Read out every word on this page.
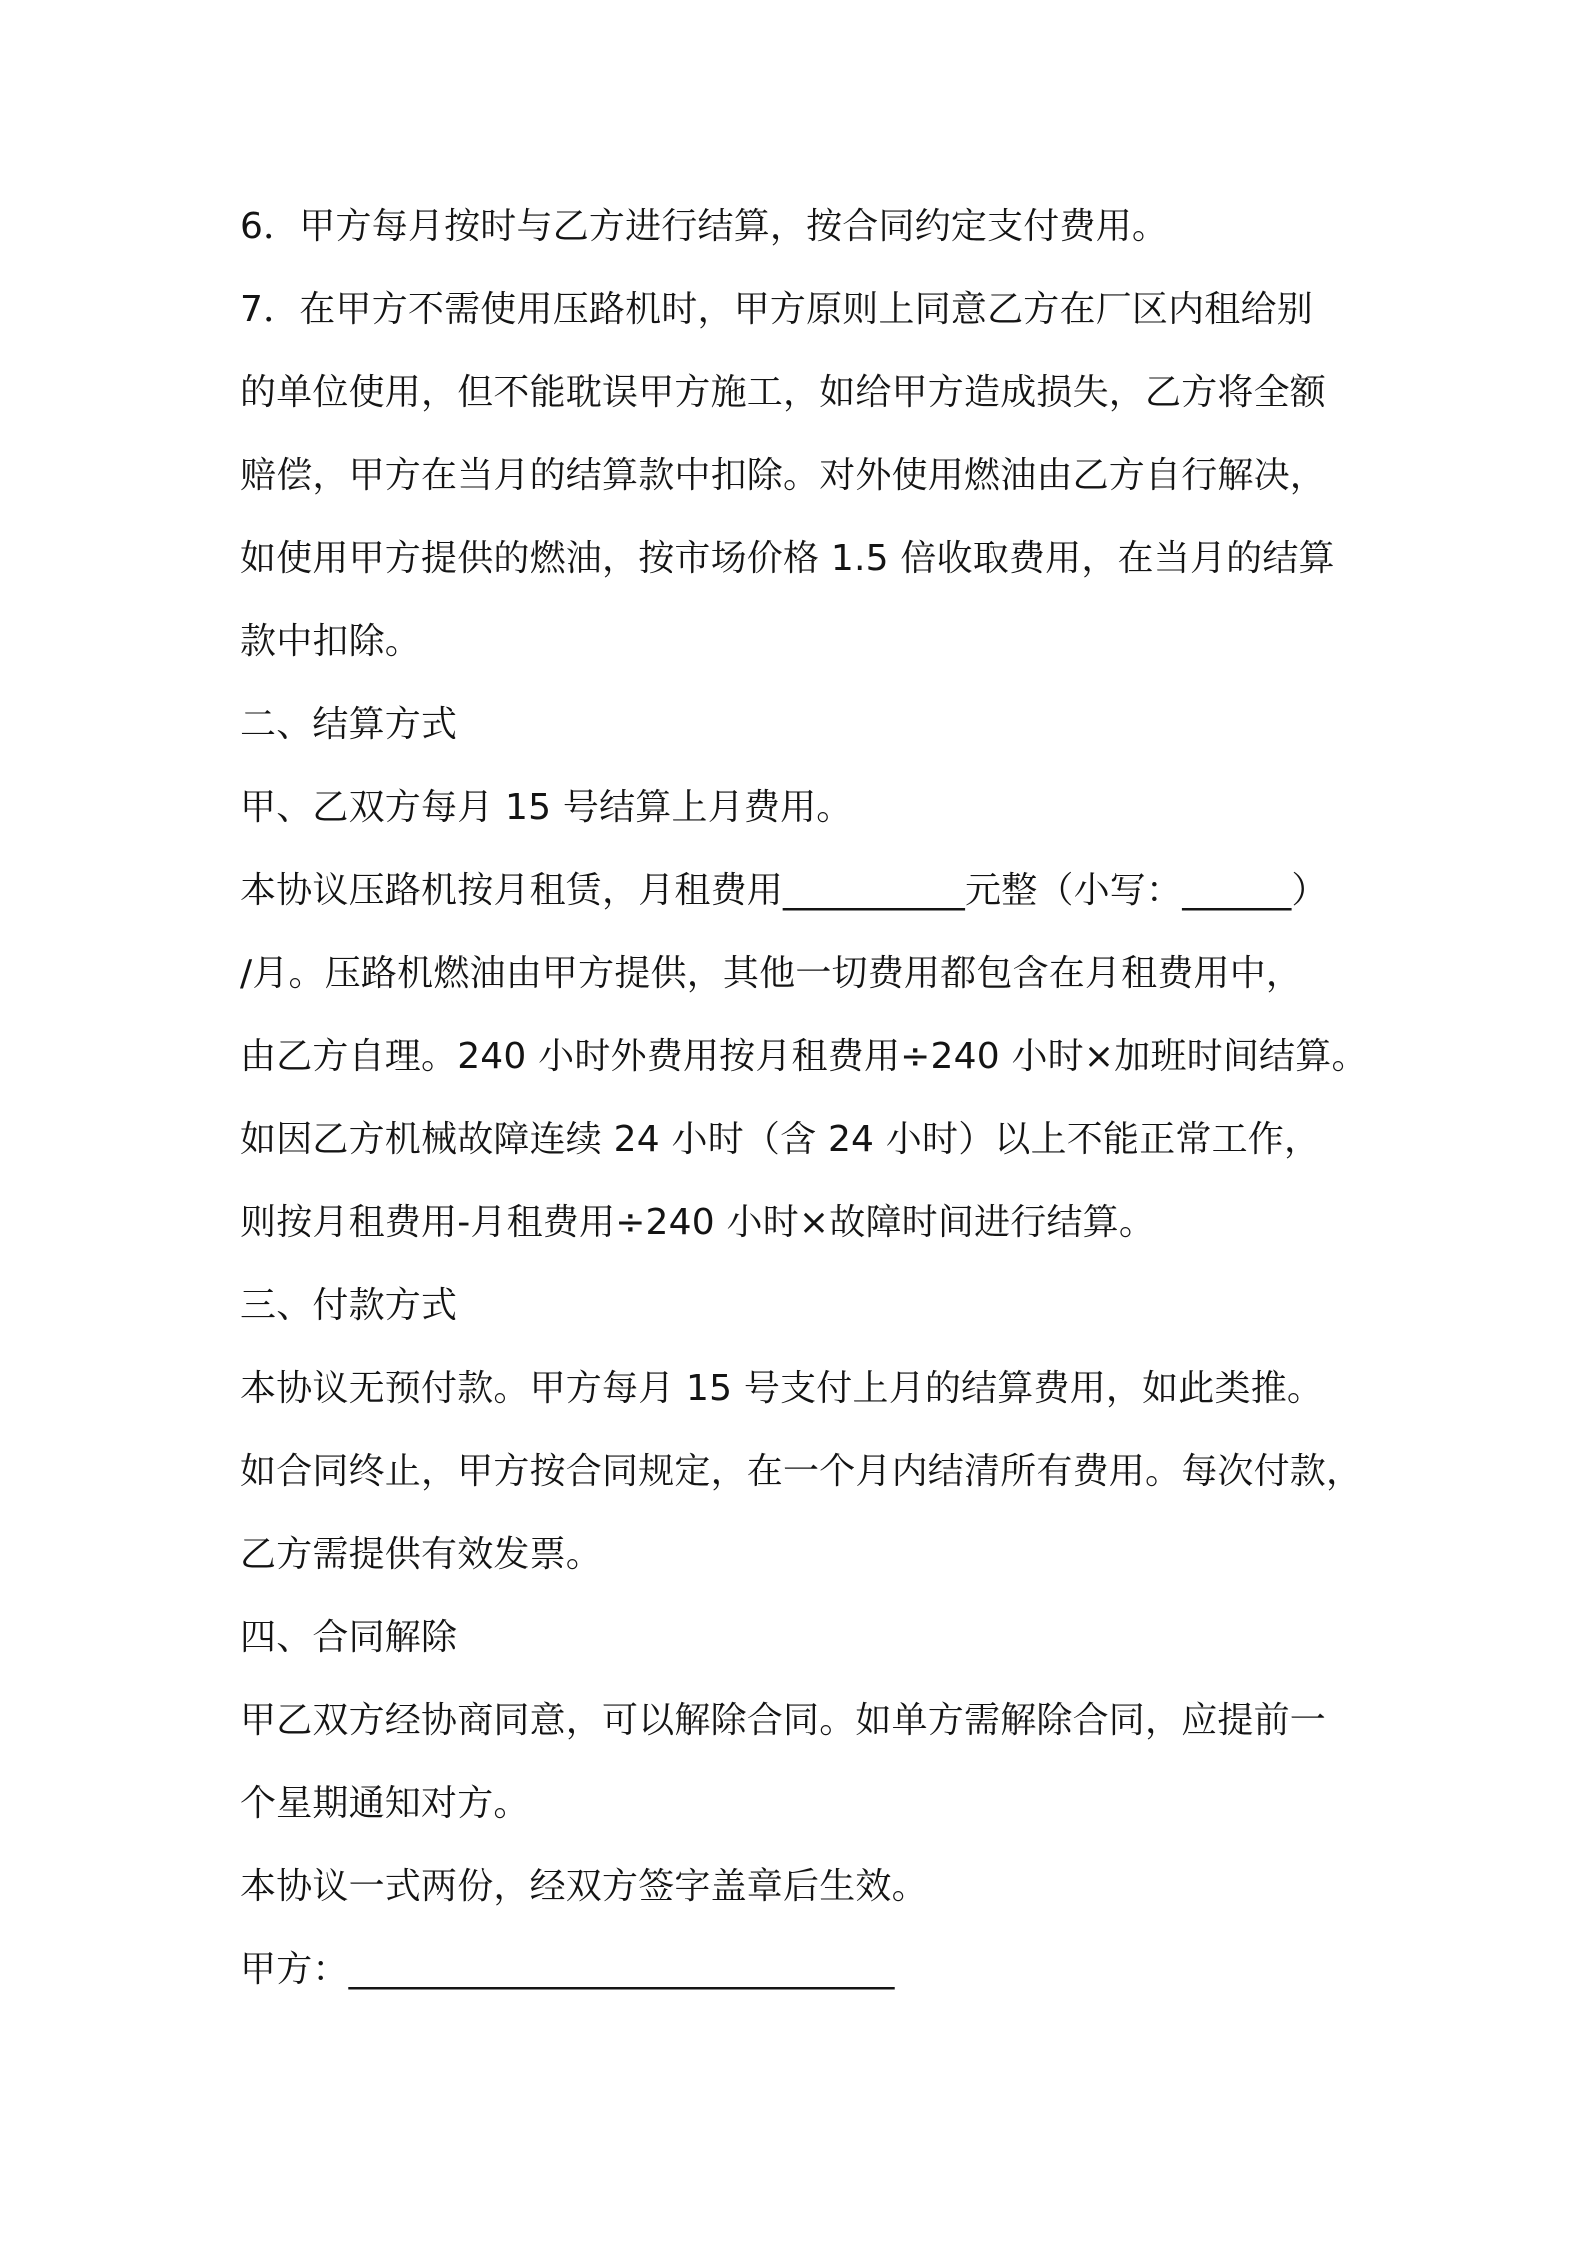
6．甲方每月按时与乙方进行结算，按合同约定支付费用。

7．在甲方不需使用压路机时，甲方原则上同意乙方在厂区内租给别

的单位使用，但不能耽误甲方施工，如给甲方造成损失，乙方将全额

赔偿，甲方在当月的结算款中扣除。对外使用燃油由乙方自行解决，

如使用甲方提供的燃油，按市场价格 1.5 倍收取费用，在当月的结算

款中扣除。

二、结算方式

甲、乙双方每月 15 号结算上月费用。

本协议压路机按月租赁，月租费用__________元整（小写：______）

/月。压路机燃油由甲方提供，其他一切费用都包含在月租费用中，

由乙方自理。240 小时外费用按月租费用÷240 小时×加班时间结算。

如因乙方机械故障连续 24 小时（含 24 小时）以上不能正常工作，

则按月租费用-月租费用÷240 小时×故障时间进行结算。

三、付款方式

本协议无预付款。甲方每月 15 号支付上月的结算费用，如此类推。

如合同终止，甲方按合同规定，在一个月内结清所有费用。每次付款，

乙方需提供有效发票。

四、合同解除

甲乙双方经协商同意，可以解除合同。如单方需解除合同，应提前一

个星期通知对方。

本协议一式两份，经双方签字盖章后生效。

甲方：______________________________
